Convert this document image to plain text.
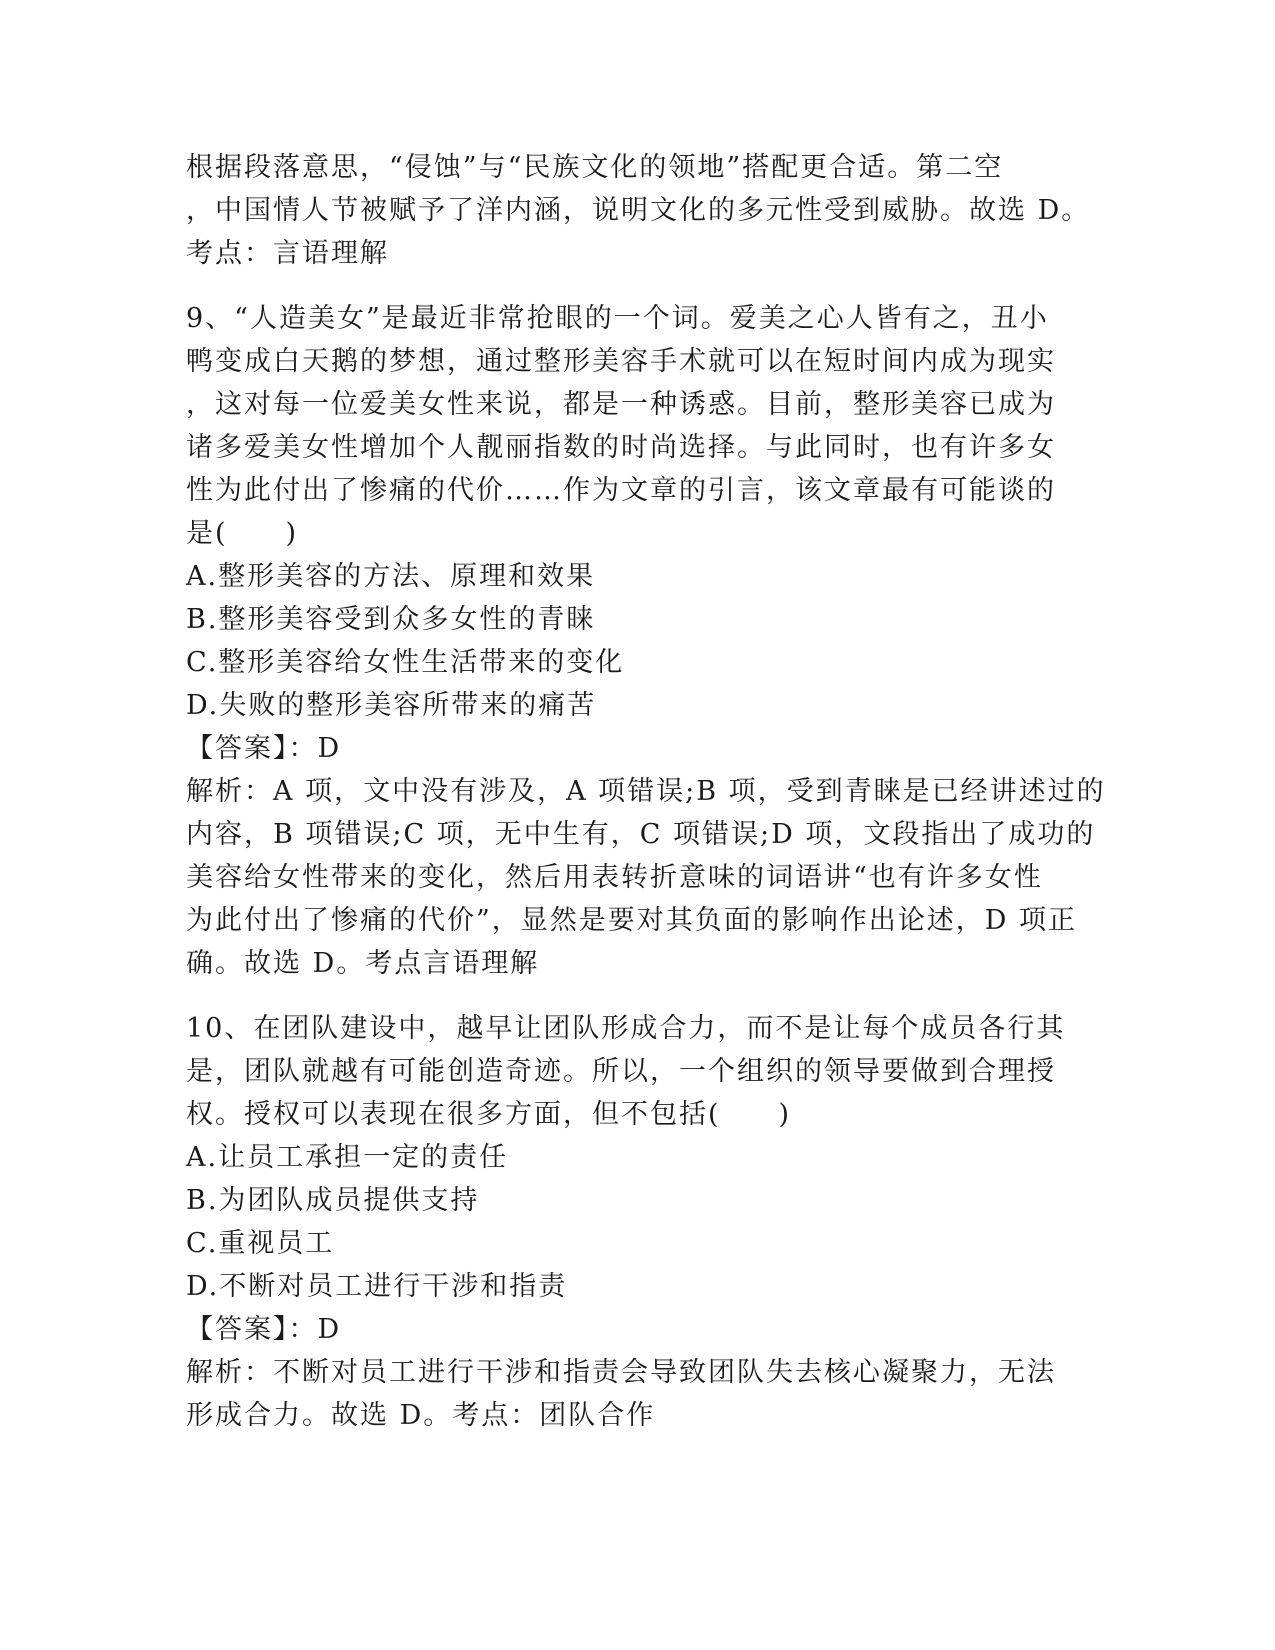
根据段落意思，“侵蚀”与“民族文化的领地”搭配更合适。第二空
，中国情人节被赋予了洋内涵，说明文化的多元性受到威胁。故选 D。
考点：言语理解
9、“人造美女”是最近非常抢眼的一个词。爱美之心人皆有之，丑小
鸭变成白天鹅的梦想，通过整形美容手术就可以在短时间内成为现实
，这对每一位爱美女性来说，都是一种诱惑。目前，整形美容已成为
诸多爱美女性增加个人靓丽指数的时尚选择。与此同时，也有许多女
性为此付出了惨痛的代价……作为文章的引言，该文章最有可能谈的
是(　　)
A.整形美容的方法、原理和效果
B.整形美容受到众多女性的青睐
C.整形美容给女性生活带来的变化
D.失败的整形美容所带来的痛苦
【答案】：D
解析：A 项，文中没有涉及，A 项错误;B 项，受到青睐是已经讲述过的
内容，B 项错误;C 项，无中生有，C 项错误;D 项，文段指出了成功的
美容给女性带来的变化，然后用表转折意味的词语讲“也有许多女性
为此付出了惨痛的代价”，显然是要对其负面的影响作出论述，D 项正
确。故选 D。考点言语理解
10、在团队建设中，越早让团队形成合力，而不是让每个成员各行其
是，团队就越有可能创造奇迹。所以，一个组织的领导要做到合理授
权。授权可以表现在很多方面，但不包括(　　)
A.让员工承担一定的责任
B.为团队成员提供支持
C.重视员工
D.不断对员工进行干涉和指责
【答案】：D
解析：不断对员工进行干涉和指责会导致团队失去核心凝聚力，无法
形成合力。故选 D。考点：团队合作
